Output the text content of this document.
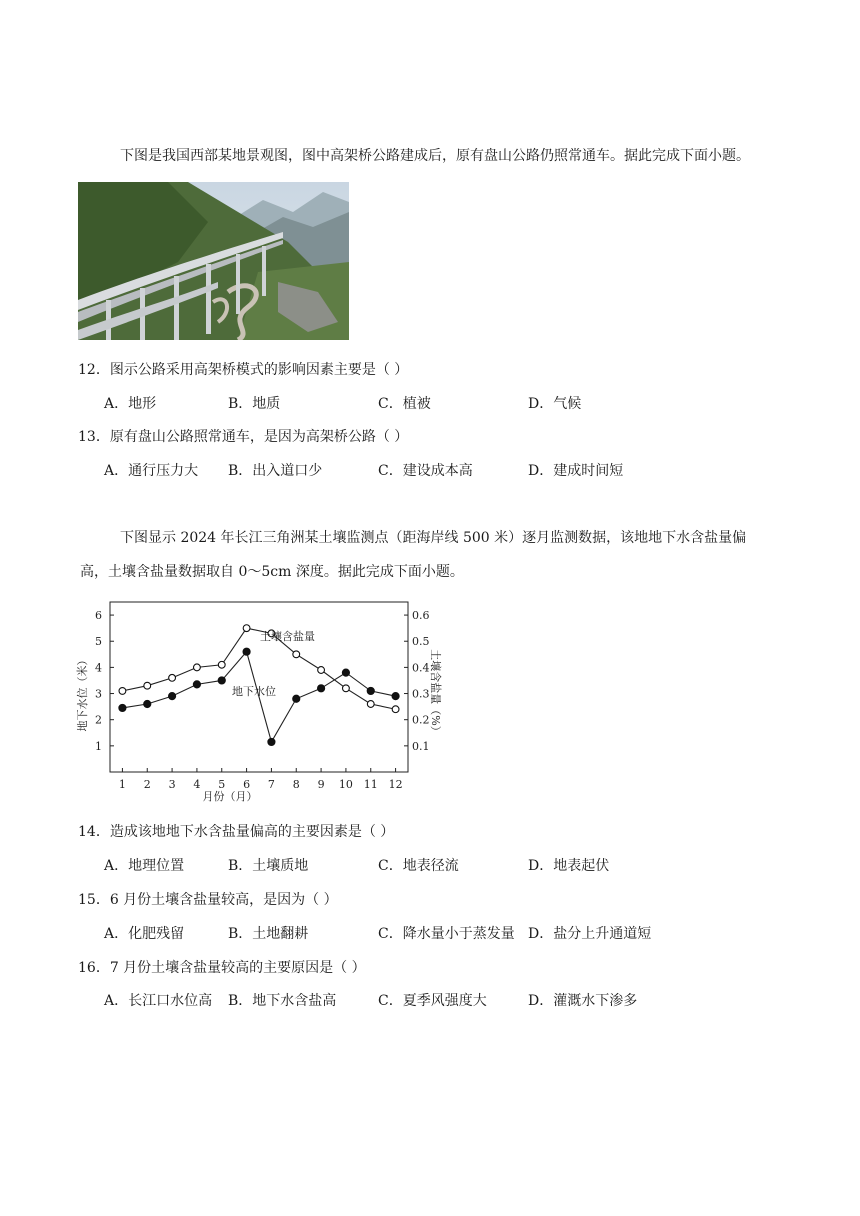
下图是我国西部某地景观图，图中高架桥公路建成后，原有盘山公路仍照常通车。据此完成下面小题。
12．图示公路采用高架桥模式的影响因素主要是（ ）
A．地形	B．地质	C．植被	D．气候
13．原有盘山公路照常通车，是因为高架桥公路（ ）
A．通行压力大 B．出入道口少	C．建设成本高	D．建成时间短
下图显示 2024 年长江三角洲某土壤监测点（距海岸线 500 米）逐月监测数据，该地地下水含盐量偏
高，土壤含盐量数据取自 0～5cm 深度。据此完成下面小题。
1
2
3
4
5
6
0.1
0.2
0.3
0.4
0.5
0.6
1 2 3 4 5 6 7 8 9 10 11 12
土壤含盐量
地下水位
月份（月）
地下水位（米）	土壤含盐量（%）
14．造成该地地下水含盐量偏高的主要因素是（ ）
A．地理位置	B．土壤质地	C．地表径流	D．地表起伏
15．6 月份土壤含盐量较高，是因为（ ）
A．化肥残留	B．土地翻耕	C．降水量小于蒸发量 D．盐分上升通道短
16．7 月份土壤含盐量较高的主要原因是（ ）
A．长江口水位高 B．地下水含盐高	C．夏季风强度大	D．灌溉水下渗多
